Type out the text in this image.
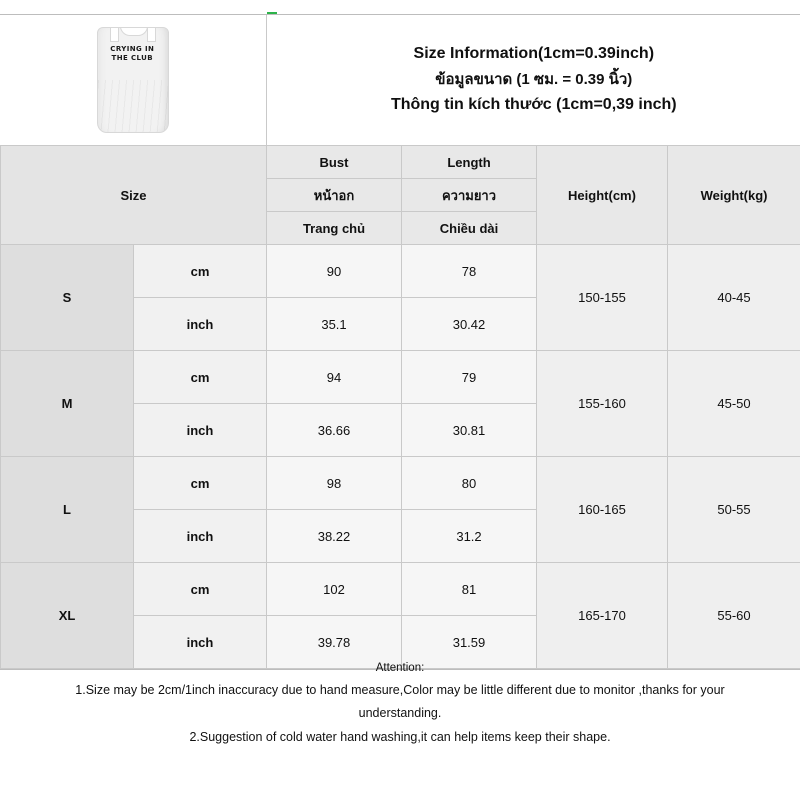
CRYING IN THE CLUB		Size Information(1cm=0.39inch)
ข้อมูลขนาด (1 ซม. = 0.39 นิ้ว)
Thông tin kích thước (1cm=0,39 inch)			

Size		Bust	Length	Height(cm)	Weight(kg)
		หน้าอก	ความยาว		
		Trang chủ	Chiều dài		
S	cm	90	78	150-155	40-45
	inch	35.1	30.42		
M	cm	94	79	155-160	45-50
	inch	36.66	30.81		
L	cm	98	80	160-165	50-55
	inch	38.22	31.2		
XL	cm	102	81	165-170	55-60
	inch	39.78	31.59		
Attention:
1.Size may be 2cm/1inch inaccuracy due to hand measure,Color may be little different due to monitor ,thanks for your
understanding.
2.Suggestion of cold water hand washing,it can help items keep their shape.
